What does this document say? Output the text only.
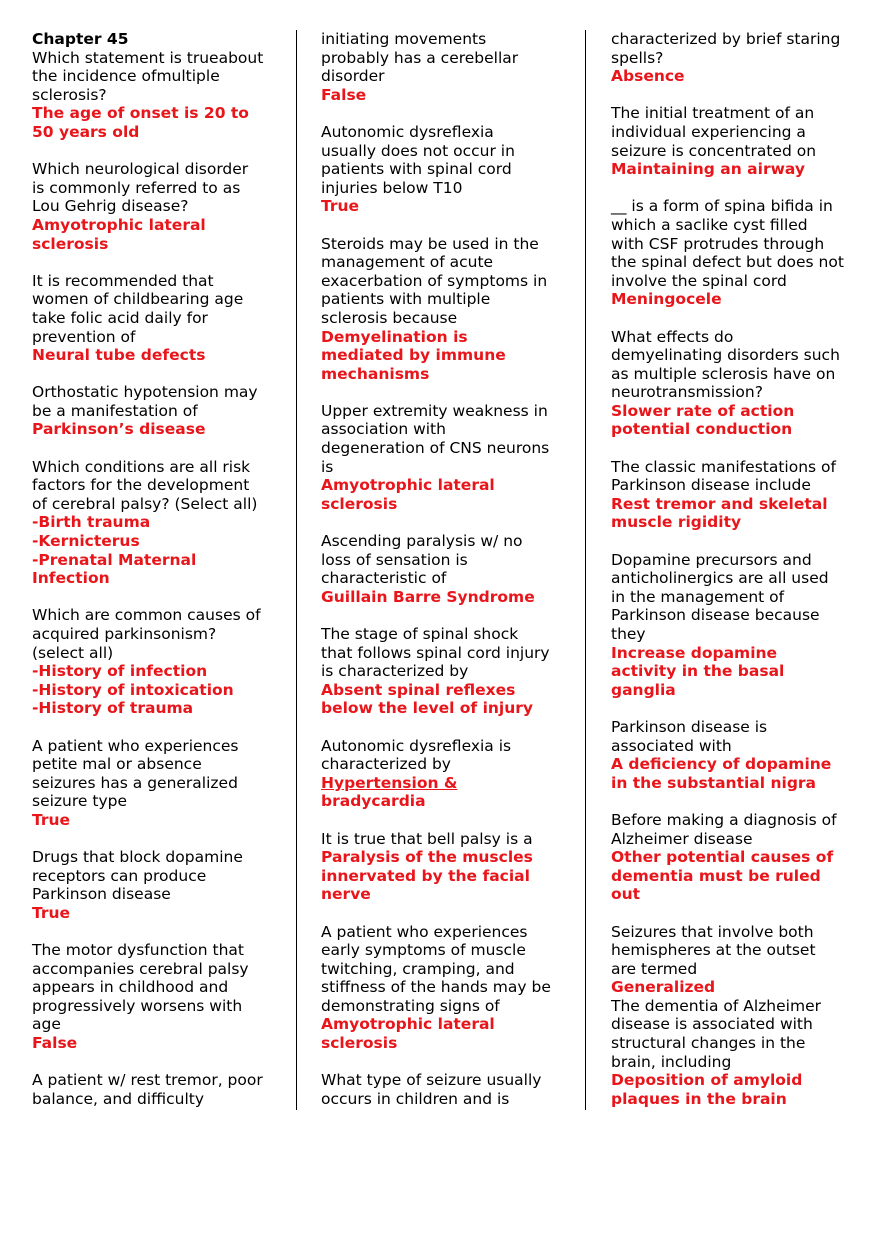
Chapter 45
Which statement is trueabout
the incidence ofmultiple
sclerosis?
The age of onset is 20 to
50 years old
Which neurological disorder
is commonly referred to as
Lou Gehrig disease?
Amyotrophic lateral
sclerosis
It is recommended that
women of childbearing age
take folic acid daily for
prevention of
Neural tube defects
Orthostatic hypotension may
be a manifestation of
Parkinson’s disease
Which conditions are all risk
factors for the development
of cerebral palsy? (Select all)
-Birth trauma
-Kernicterus
-Prenatal Maternal
Infection
Which are common causes of
acquired parkinsonism?
(select all)
-History of infection
-History of intoxication
-History of trauma
A patient who experiences
petite mal or absence
seizures has a generalized
seizure type
True
Drugs that block dopamine
receptors can produce
Parkinson disease
True
The motor dysfunction that
accompanies cerebral palsy
appears in childhood and
progressively worsens with
age
False
A patient w/ rest tremor, poor
balance, and difficulty
initiating movements
probably has a cerebellar
disorder
False
Autonomic dysreflexia
usually does not occur in
patients with spinal cord
injuries below T10
True
Steroids may be used in the
management of acute
exacerbation of symptoms in
patients with multiple
sclerosis because
Demyelination is
mediated by immune
mechanisms
Upper extremity weakness in
association with
degeneration of CNS neurons
is
Amyotrophic lateral
sclerosis
Ascending paralysis w/ no
loss of sensation is
characteristic of
Guillain Barre Syndrome
The stage of spinal shock
that follows spinal cord injury
is characterized by
Absent spinal reflexes
below the level of injury
Autonomic dysreflexia is
characterized by
Hypertension &
bradycardia
It is true that bell palsy is a
Paralysis of the muscles
innervated by the facial
nerve
A patient who experiences
early symptoms of muscle
twitching, cramping, and
stiffness of the hands may be
demonstrating signs of
Amyotrophic lateral
sclerosis
What type of seizure usually
occurs in children and is
characterized by brief staring
spells?
Absence
The initial treatment of an
individual experiencing a
seizure is concentrated on
Maintaining an airway
__ is a form of spina bifida in
which a saclike cyst filled
with CSF protrudes through
the spinal defect but does not
involve the spinal cord
Meningocele
What effects do
demyelinating disorders such
as multiple sclerosis have on
neurotransmission?
Slower rate of action
potential conduction
The classic manifestations of
Parkinson disease include
Rest tremor and skeletal
muscle rigidity
Dopamine precursors and
anticholinergics are all used
in the management of
Parkinson disease because
they
Increase dopamine
activity in the basal
ganglia
Parkinson disease is
associated with
A deficiency of dopamine
in the substantial nigra
Before making a diagnosis of
Alzheimer disease
Other potential causes of
dementia must be ruled
out
Seizures that involve both
hemispheres at the outset
are termed
Generalized
The dementia of Alzheimer
disease is associated with
structural changes in the
brain, including
Deposition of amyloid
plaques in the brain
